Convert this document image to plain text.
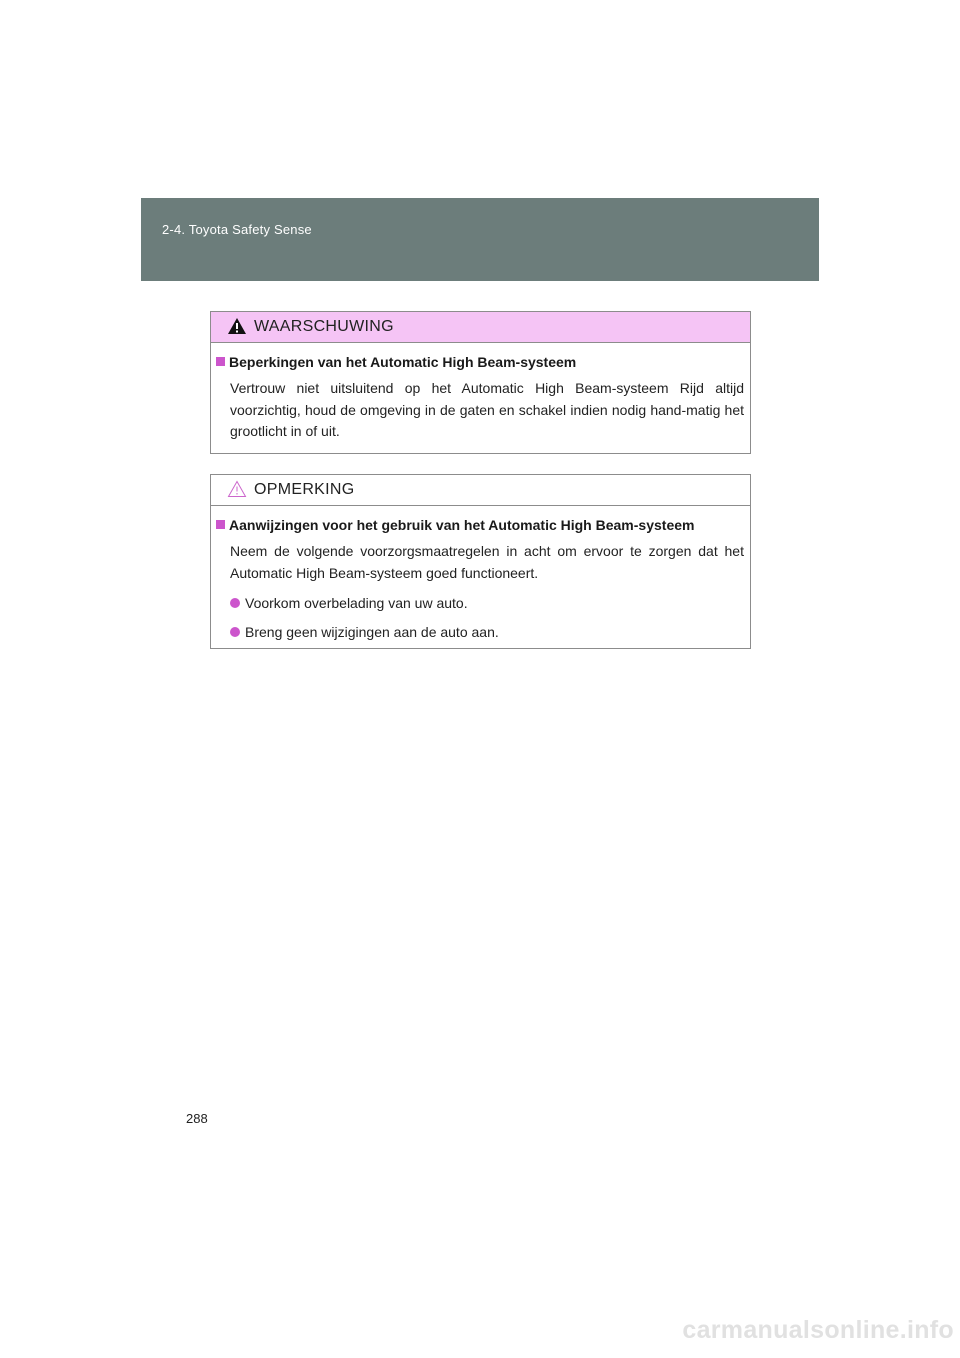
2-4. Toyota Safety Sense
WAARSCHUWING
Beperkingen van het Automatic High Beam-systeem
Vertrouw niet uitsluitend op het Automatic High Beam-systeem Rijd altijd voorzichtig, houd de omgeving in de gaten en schakel indien nodig hand-matig het grootlicht in of uit.
OPMERKING
Aanwijzingen voor het gebruik van het Automatic High Beam-systeem
Neem de volgende voorzorgsmaatregelen in acht om ervoor te zorgen dat het Automatic High Beam-systeem goed functioneert.
Voorkom overbelading van uw auto.
Breng geen wijzigingen aan de auto aan.
288
carmanualsonline.info
